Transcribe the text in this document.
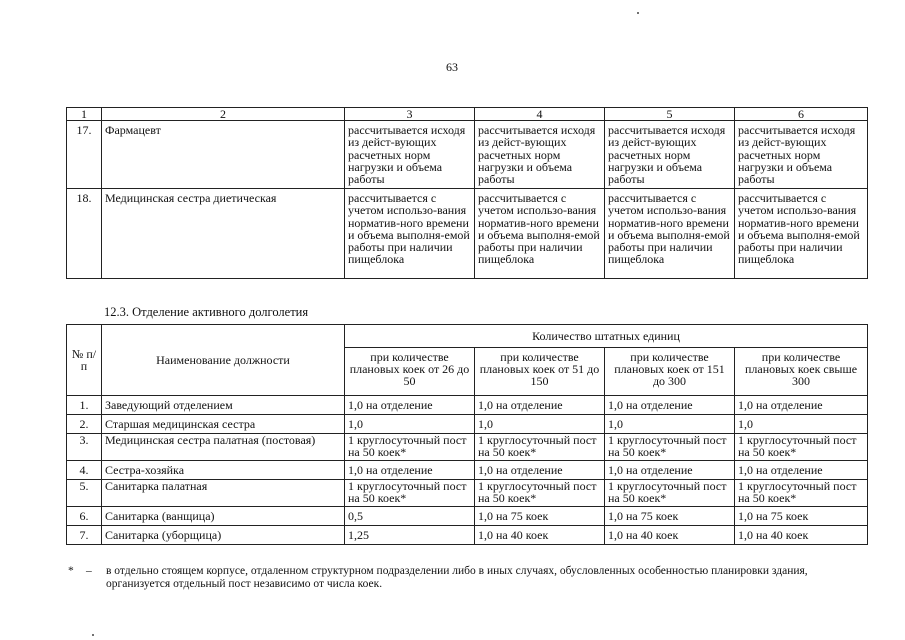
63
1	2	3	4	5	6
17.	Фармацевт	рассчитывается исходя из дейст-вующих расчетных норм нагрузки и объема работы	рассчитывается исходя из дейст-вующих расчетных норм нагрузки и объема работы	рассчитывается исходя из дейст-вующих расчетных норм нагрузки и объема работы	рассчитывается исходя из дейст-вующих расчетных норм нагрузки и объема работы
18.	Медицинская сестра диетическая	рассчитывается с учетом использо-вания норматив-ного времени и объема выполня-емой работы при наличии пищеблока	рассчитывается с учетом использо-вания норматив-ного времени и объема выполня-емой работы при наличии пищеблока	рассчитывается с учетом использо-вания норматив-ного времени и объема выполня-емой работы при наличии пищеблока	рассчитывается с учетом использо-вания норматив-ного времени и объема выполня-емой работы при наличии пищеблока
12.3. Отделение активного долголетия
№ п/п	Наименование должности	Количество штатных единиц			
		при количестве плановых коек от 26 до 50	при количестве плановых коек от 51 до 150	при количестве плановых коек от 151 до 300	при количестве плановых коек свыше 300
1.	Заведующий отделением	1,0 на отделение	1,0 на отделение	1,0 на отделение	1,0 на отделение
2.	Старшая медицинская сестра	1,0	1,0	1,0	1,0
3.	Медицинская сестра палатная (постовая)	1 круглосуточный пост на 50 коек*	1 круглосуточный пост на 50 коек*	1 круглосуточный пост на 50 коек*	1 круглосуточный пост на 50 коек*
4.	Сестра-хозяйка	1,0 на отделение	1,0 на отделение	1,0 на отделение	1,0 на отделение
5.	Санитарка палатная	1 круглосуточный пост на 50 коек*	1 круглосуточный пост на 50 коек*	1 круглосуточный пост на 50 коек*	1 круглосуточный пост на 50 коек*
6.	Санитарка (ванщица)	0,5	1,0 на 75 коек	1,0 на 75 коек	1,0 на 75 коек
7.	Санитарка (уборщица)	1,25	1,0 на 40 коек	1,0 на 40 коек	1,0 на 40 коек
* – в отдельно стоящем корпусе, отдаленном структурном подразделении либо в иных случаях, обусловленных особенностью планировки здания, организуется отдельный пост независимо от числа коек.
